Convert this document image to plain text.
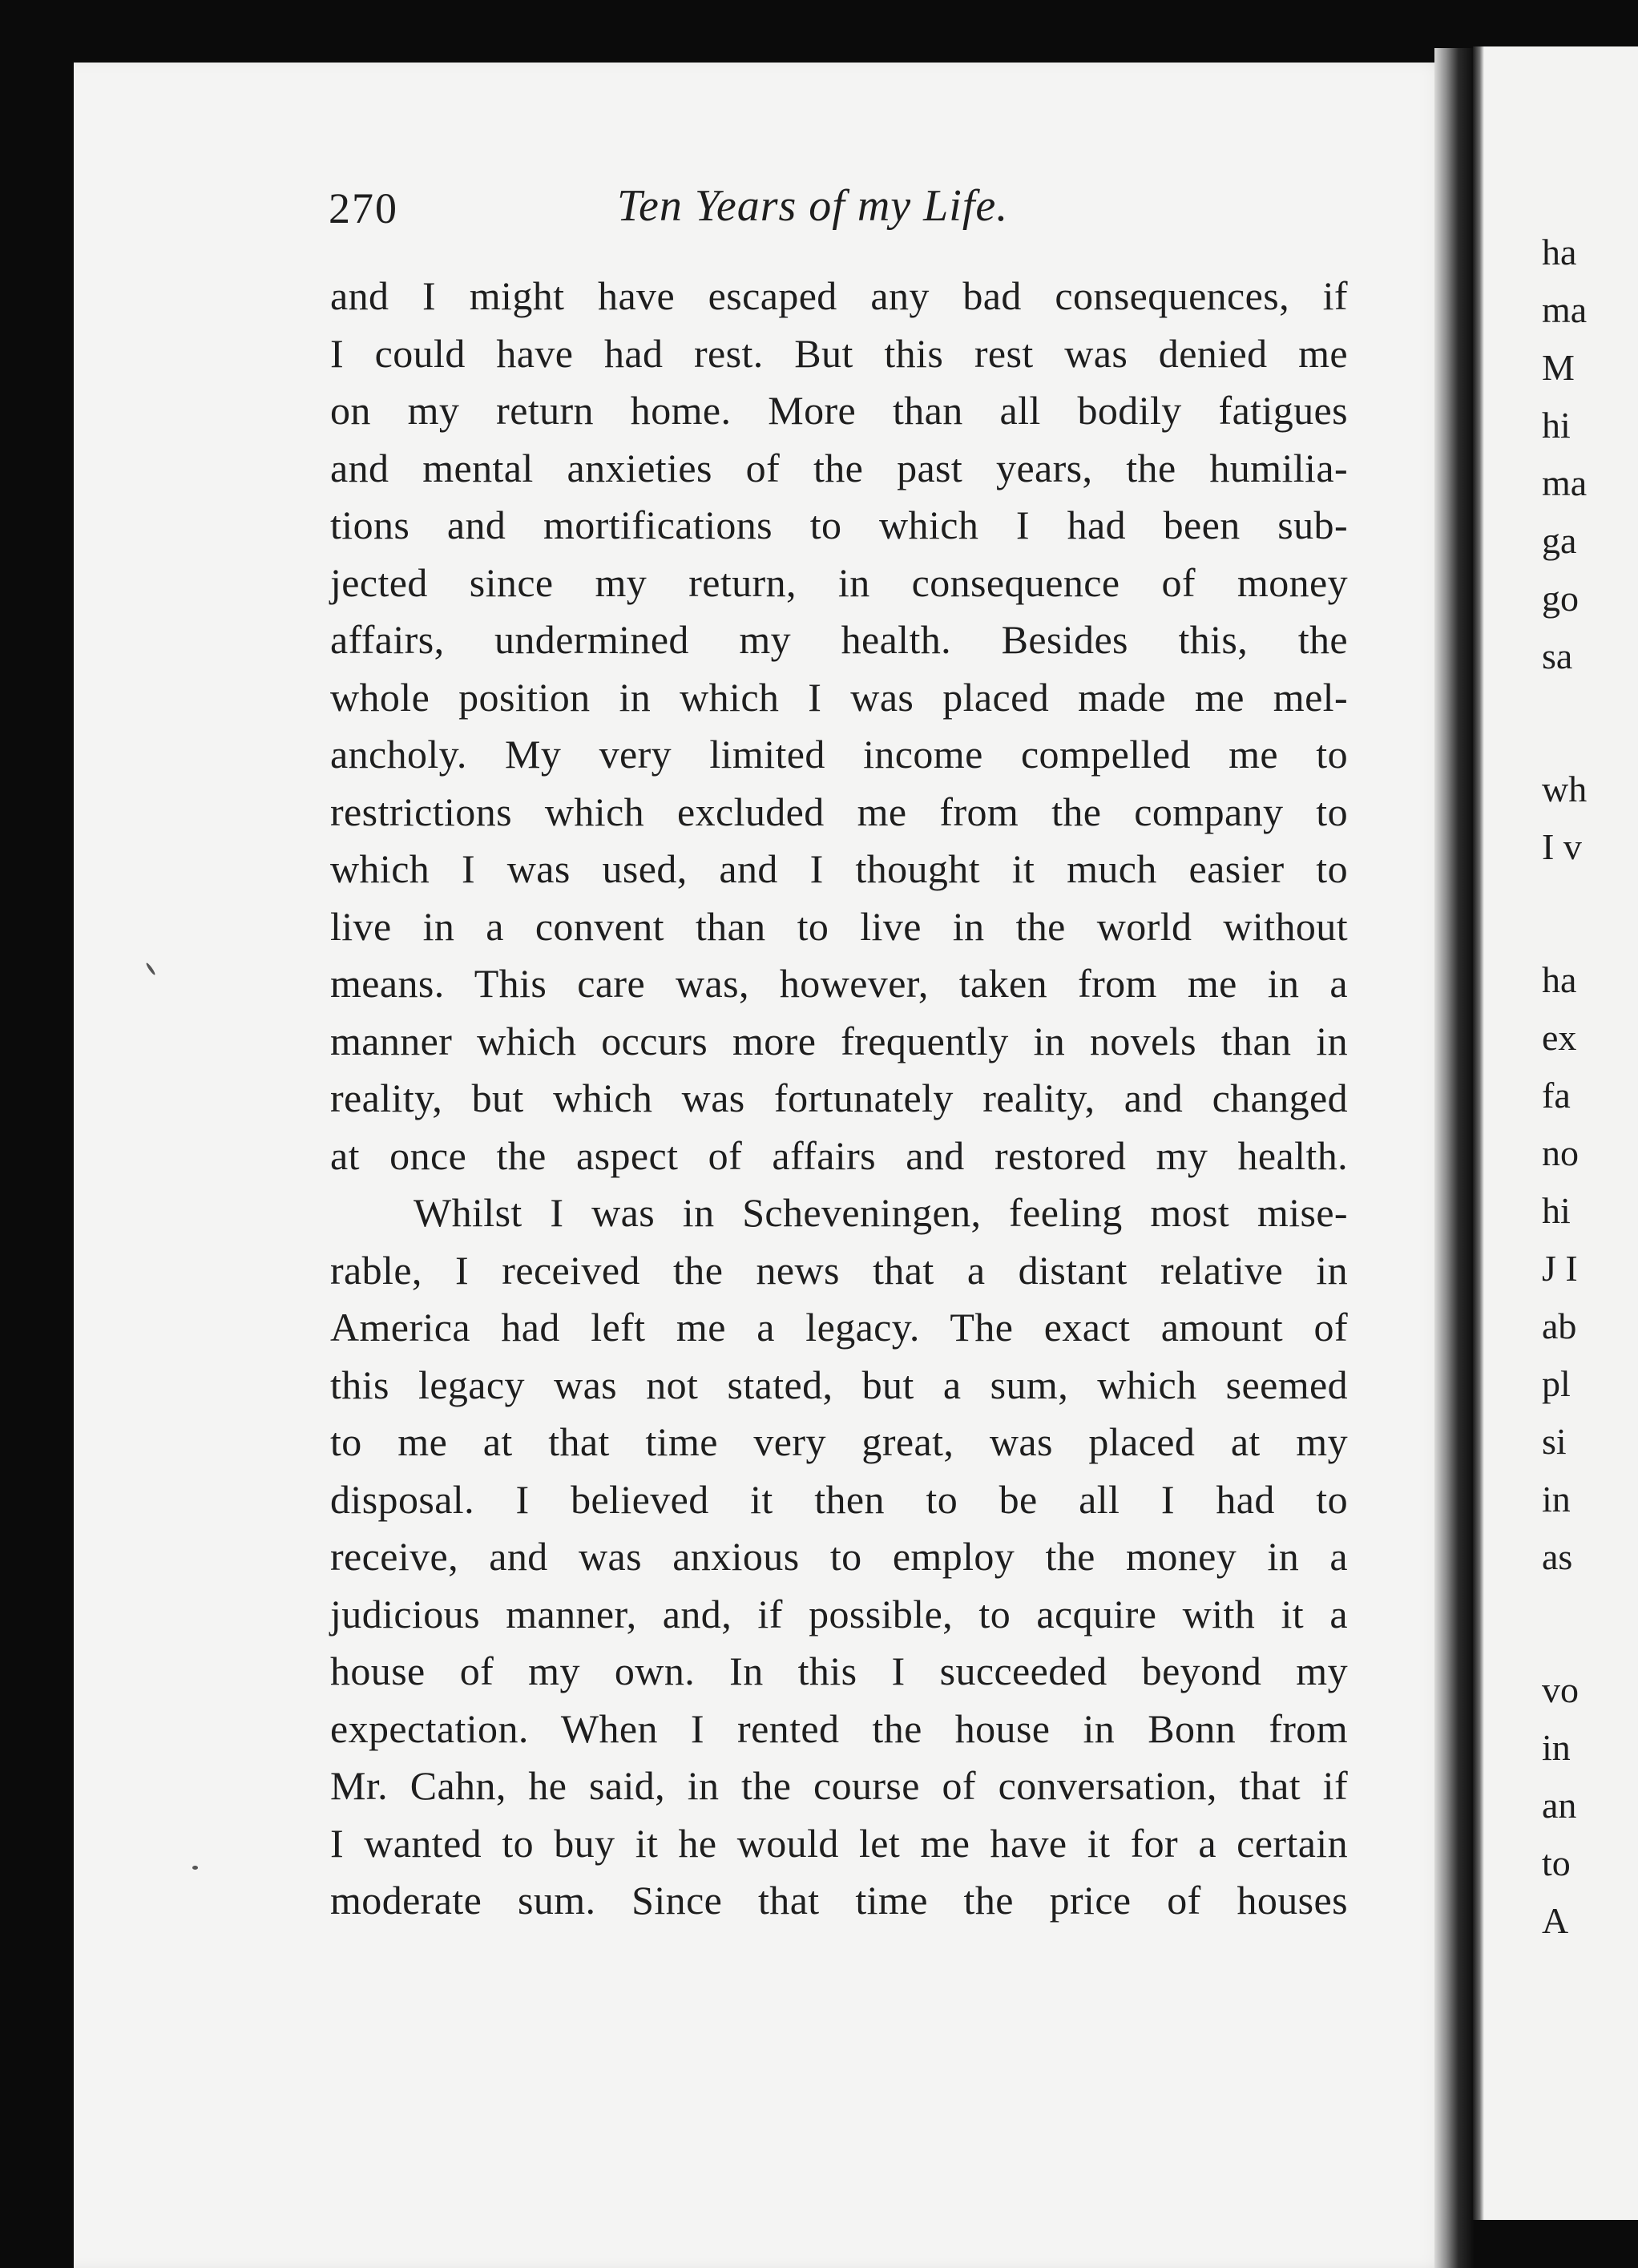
270	Ten Years of my Life.
and I might have escaped any bad consequences, if
I could have had rest. But this rest was denied me
on my return home. More than all bodily fatigues
and mental anxieties of the past years, the humilia-
tions and mortifications to which I had been sub-
jected since my return, in consequence of money
affairs, undermined my health. Besides this, the
whole position in which I was placed made me mel-
ancholy. My very limited income compelled me to
restrictions which excluded me from the company to
which I was used, and I thought it much easier to
live in a convent than to live in the world without
means. This care was, however, taken from me in a
manner which occurs more frequently in novels than in
reality, but which was fortunately reality, and changed
at once the aspect of affairs and restored my health.
Whilst I was in Scheveningen, feeling most mise-
rable, I received the news that a distant relative in
America had left me a legacy. The exact amount of
this legacy was not stated, but a sum, which seemed
to me at that time very great, was placed at my
disposal. I believed it then to be all I had to
receive, and was anxious to employ the money in a
judicious manner, and, if possible, to acquire with it a
house of my own. In this I succeeded beyond my
expectation. When I rented the house in Bonn from
Mr. Cahn, he said, in the course of conversation, that if
I wanted to buy it he would let me have it for a certain
moderate sum. Since that time the price of houses
ha
ma
M
hi
ma
ga
go
sa
wh
I v
ha
ex
fa
no
hi
J I
ab
pl
si
in
as
vo
in
an
to
A
